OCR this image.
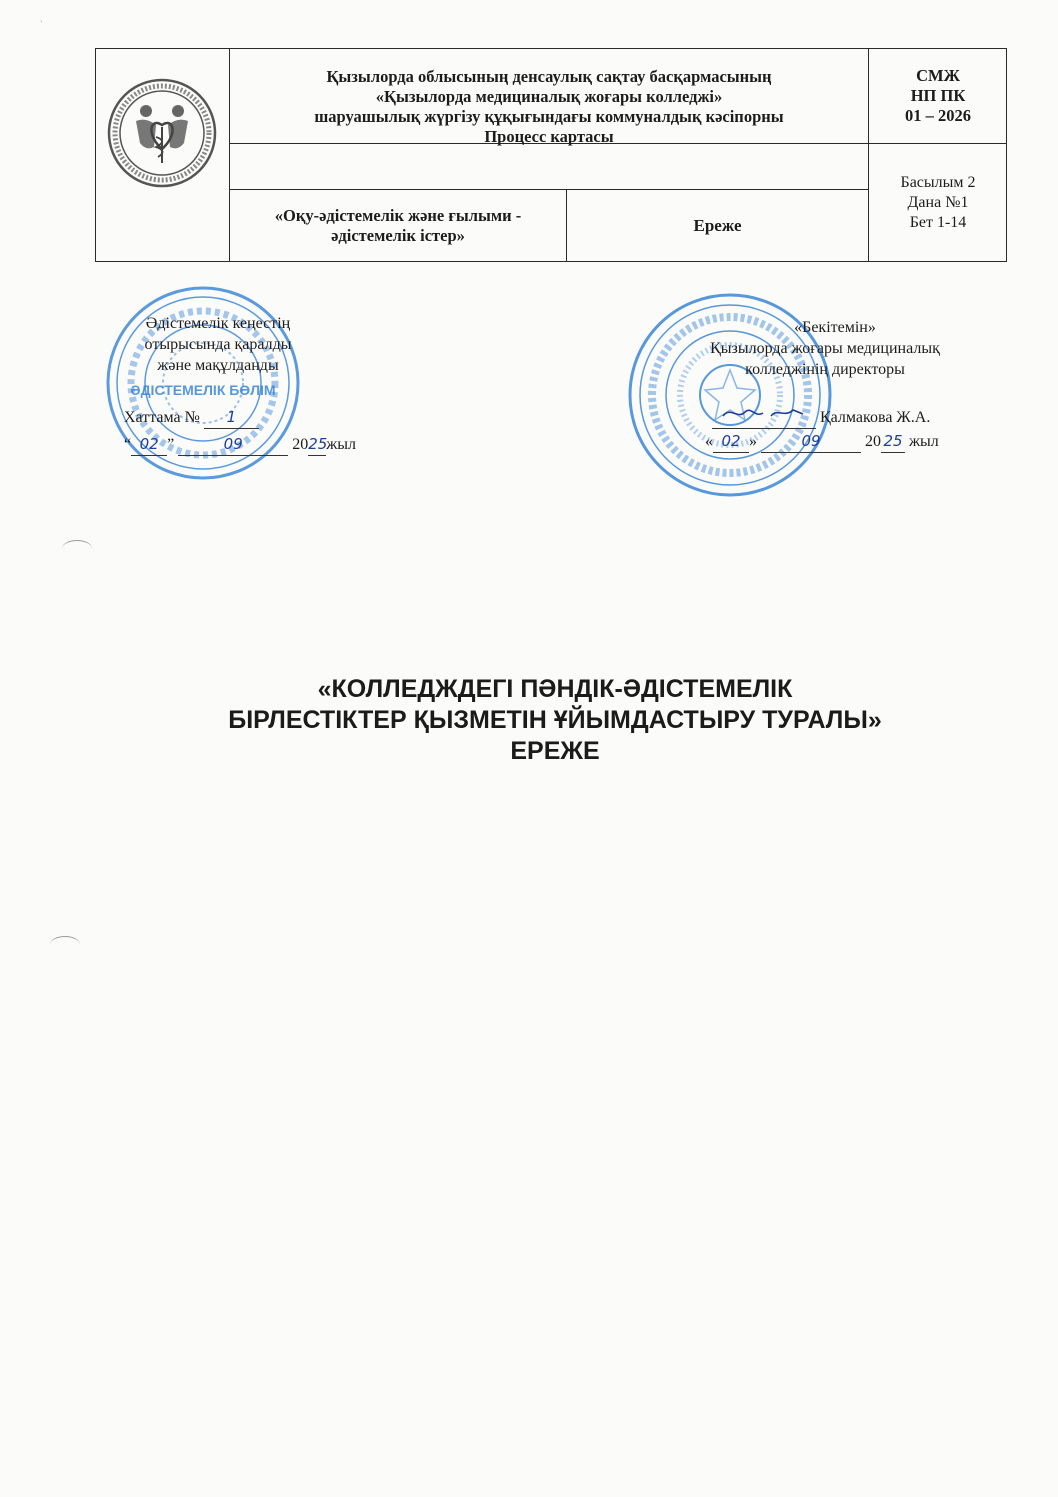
ˈ
Қызылорда облысының денсаулық сақтау басқармасының
«Қызылорда медициналық жоғары колледжі»
шаруашылық жүргізу құқығындағы коммуналдық кәсіпорны
Процесс картасы
СМЖ
НП ПК
01 – 2026
«Оқу-әдістемелік және ғылыми -
әдістемелік істер»
Ереже
Басылым 2
Дана №1
Бет 1-14
ӘДІСТЕМЕЛІК БӨЛІМ
Әдістемелік кеңестің
отырысында қаралды
және мақұлданды
Хаттама № 1
“ 02 ”	09	2025жыл
«Бекітемін»
Қызылорда жоғары медициналық
колледжінің директоры
Қалмакова Ж.А.
« 02 »	09	20 25 жыл
«КОЛЛЕДЖДЕГІ ПӘНДІК-ӘДІСТЕМЕЛІК
БІРЛЕСТІКТЕР ҚЫЗМЕТІН ҰЙЫМДАСТЫРУ ТУРАЛЫ»
ЕРЕЖЕ
